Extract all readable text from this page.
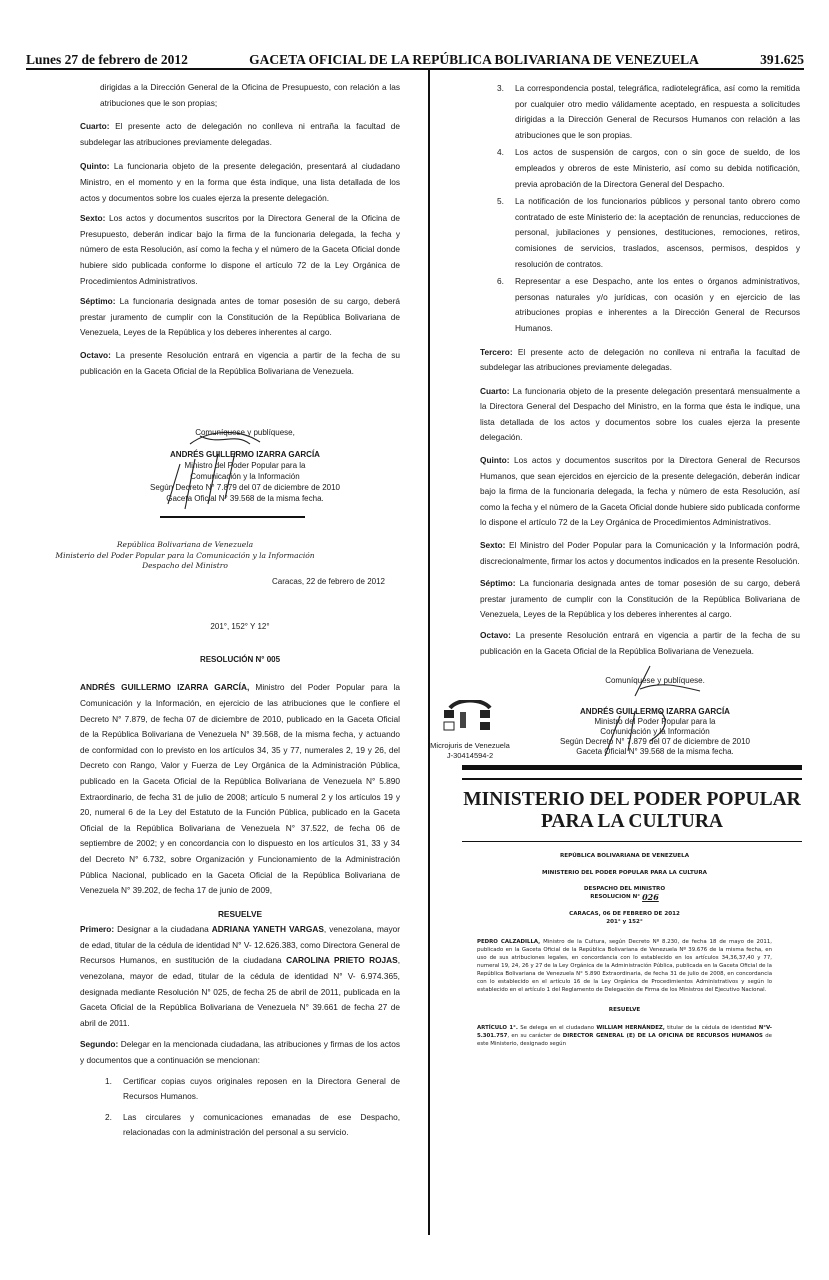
Lunes 27 de febrero de 2012	GACETA OFICIAL DE LA REPÚBLICA BOLIVARIANA DE VENEZUELA	391.625
dirigidas a la Dirección General de la Oficina de Presupuesto, con relación a las atribuciones que le son propias;
Cuarto: El presente acto de delegación no conlleva ni entraña la facultad de subdelegar las atribuciones previamente delegadas.
Quinto: La funcionaria objeto de la presente delegación, presentará al ciudadano Ministro, en el momento y en la forma que ésta indique, una lista detallada de los actos y documentos sobre los cuales ejerza la presente delegación.
Sexto: Los actos y documentos suscritos por la Directora General de la Oficina de Presupuesto, deberán indicar bajo la firma de la funcionaria delegada, la fecha y número de esta Resolución, así como la fecha y el número de la Gaceta Oficial donde hubiere sido publicada conforme lo dispone el artículo 72 de la Ley Orgánica de Procedimientos Administrativos.
Séptimo: La funcionaria designada antes de tomar posesión de su cargo, deberá prestar juramento de cumplir con la Constitución de la República Bolivariana de Venezuela, Leyes de la República y los deberes inherentes al cargo.
Octavo: La presente Resolución entrará en vigencia a partir de la fecha de su publicación en la Gaceta Oficial de la República Bolivariana de Venezuela.
Comuníquese y publíquese,
ANDRÉS GUILLERMO IZARRA GARCÍA
Ministro del Poder Popular para la
Comunicación y la Información
Según Decreto N° 7.879 del 07 de diciembre de 2010
Gaceta Oficial N° 39.568 de la misma fecha.
República Bolivariana de Venezuela
Ministerio del Poder Popular para la Comunicación y la Información
Despacho del Ministro
Caracas, 22 de febrero de 2012
201°, 152° Y 12°
RESOLUCIÓN N° 005
ANDRÉS GUILLERMO IZARRA GARCÍA, Ministro del Poder Popular para la Comunicación y la Información, en ejercicio de las atribuciones que le confiere el Decreto N° 7.879, de fecha 07 de diciembre de 2010, publicado en la Gaceta Oficial de la República Bolivariana de Venezuela N° 39.568, de la misma fecha, y actuando de conformidad con lo previsto en los artículos 34, 35 y 77, numerales 2, 19 y 26, del Decreto con Rango, Valor y Fuerza de Ley Orgánica de la Administración Pública, publicado en la Gaceta Oficial de la República Bolivariana de Venezuela N° 5.890 Extraordinario, de fecha 31 de julio de 2008; artículo 5 numeral 2 y los artículos 19 y 20, numeral 6 de la Ley del Estatuto de la Función Pública, publicado en la Gaceta Oficial de la República Bolivariana de Venezuela N° 37.522, de fecha 06 de septiembre de 2002; y en concordancia con lo dispuesto en los artículos 31, 33 y 34 del Decreto N° 6.732, sobre Organización y Funcionamiento de la Administración Pública Nacional, publicado en la Gaceta Oficial de la República Bolivariana de Venezuela N° 39.202, de fecha 17 de junio de 2009,
RESUELVE
Primero: Designar a la ciudadana ADRIANA YANETH VARGAS, venezolana, mayor de edad, titular de la cédula de identidad N° V- 12.626.383, como Directora General de Recursos Humanos, en sustitución de la ciudadana CAROLINA PRIETO ROJAS, venezolana, mayor de edad, titular de la cédula de identidad N° V- 6.974.365, designada mediante Resolución N° 025, de fecha 25 de abril de 2011, publicada en la Gaceta Oficial de la República Bolivariana de Venezuela N° 39.661 de fecha 27 de abril de 2011.
Segundo: Delegar en la mencionada ciudadana, las atribuciones y firmas de los actos y documentos que a continuación se mencionan:
1. Certificar copias cuyos originales reposen en la Directora General de Recursos Humanos.
2. Las circulares y comunicaciones emanadas de ese Despacho, relacionadas con la administración del personal a su servicio.
Microjuris de Venezuela
J-30414594-2
3. La correspondencia postal, telegráfica, radiotelegráfica, así como la remitida por cualquier otro medio válidamente aceptado, en respuesta a solicitudes dirigidas a la Dirección General de Recursos Humanos con relación a las atribuciones que le son propias.
4. Los actos de suspensión de cargos, con o sin goce de sueldo, de los empleados y obreros de este Ministerio, así como su debida notificación, previa aprobación de la Directora General del Despacho.
5. La notificación de los funcionarios públicos y personal tanto obrero como contratado de este Ministerio de: la aceptación de renuncias, reducciones de personal, jubilaciones y pensiones, destituciones, remociones, retiros, comisiones de servicios, traslados, ascensos, permisos, despidos y resolución de contratos.
6. Representar a ese Despacho, ante los entes o órganos administrativos, personas naturales y/o jurídicas, con ocasión y en ejercicio de las atribuciones propias e inherentes a la Dirección General de Recursos Humanos.
Tercero: El presente acto de delegación no conlleva ni entraña la facultad de subdelegar las atribuciones previamente delegadas.
Cuarto: La funcionaria objeto de la presente delegación presentará mensualmente a la Directora General del Despacho del Ministro, en la forma que ésta le indique, una lista detallada de los actos y documentos sobre los cuales ejerza la presente delegación.
Quinto: Los actos y documentos suscritos por la Directora General de Recursos Humanos, que sean ejercidos en ejercicio de la presente delegación, deberán indicar bajo la firma de la funcionaria delegada, la fecha y número de esta Resolución, así como la fecha y el número de la Gaceta Oficial donde hubiere sido publicada conforme lo dispone el artículo 72 de la Ley Orgánica de Procedimientos Administrativos.
Sexto: El Ministro del Poder Popular para la Comunicación y la Información podrá, discrecionalmente, firmar los actos y documentos indicados en la presente Resolución.
Séptimo: La funcionaria designada antes de tomar posesión de su cargo, deberá prestar juramento de cumplir con la Constitución de la República Bolivariana de Venezuela, Leyes de la República y los deberes inherentes al cargo.
Octavo: La presente Resolución entrará en vigencia a partir de la fecha de su publicación en la Gaceta Oficial de la República Bolivariana de Venezuela.
Comuníquese y publíquese.
ANDRÉS GUILLERMO IZARRA GARCÍA
Ministro del Poder Popular para la
Comunicación y la Información
Según Decreto N° 7.879 del 07 de diciembre de 2010
Gaceta Oficial N° 39.568 de la misma fecha.
MINISTERIO DEL PODER POPULAR
PARA LA CULTURA
REPÚBLICA BOLIVARIANA DE VENEZUELA
MINISTERIO DEL PODER POPULAR PARA LA CULTURA
DESPACHO DEL MINISTRO
RESOLUCION N° 026
CARACAS, 06 DE FEBRERO DE 2012
201° y 152°
PEDRO CALZADILLA, Ministro de la Cultura, según Decreto Nº 8.230, de fecha 18 de mayo de 2011, publicado en la Gaceta Oficial de la República Bolivariana de Venezuela Nº 39.676 de la misma fecha, en uso de sus atribuciones legales, en concordancia con lo establecido en los artículos 34,36,37,40 y 77, numeral 19, 24, 26 y 27 de la Ley Orgánica de la Administración Pública, publicada en la Gaceta Oficial de la República Bolivariana de Venezuela N° 5.890 Extraordinaria, de fecha 31 de julio de 2008, en concordancia con lo establecido en el artículo 16 de la Ley Orgánica de Procedimientos Administrativos y según lo establecido en el artículo 1 del Reglamento de Delegación de Firma de los Ministros del Ejecutivo Nacional.
RESUELVE
ARTÍCULO 1°. Se delega en el ciudadano WILLIAM HERNÁNDEZ, titular de la cédula de identidad N°V- 5.301.757, en su carácter de DIRECTOR GENERAL (E) DE LA OFICINA DE RECURSOS HUMANOS de este Ministerio, designado según
